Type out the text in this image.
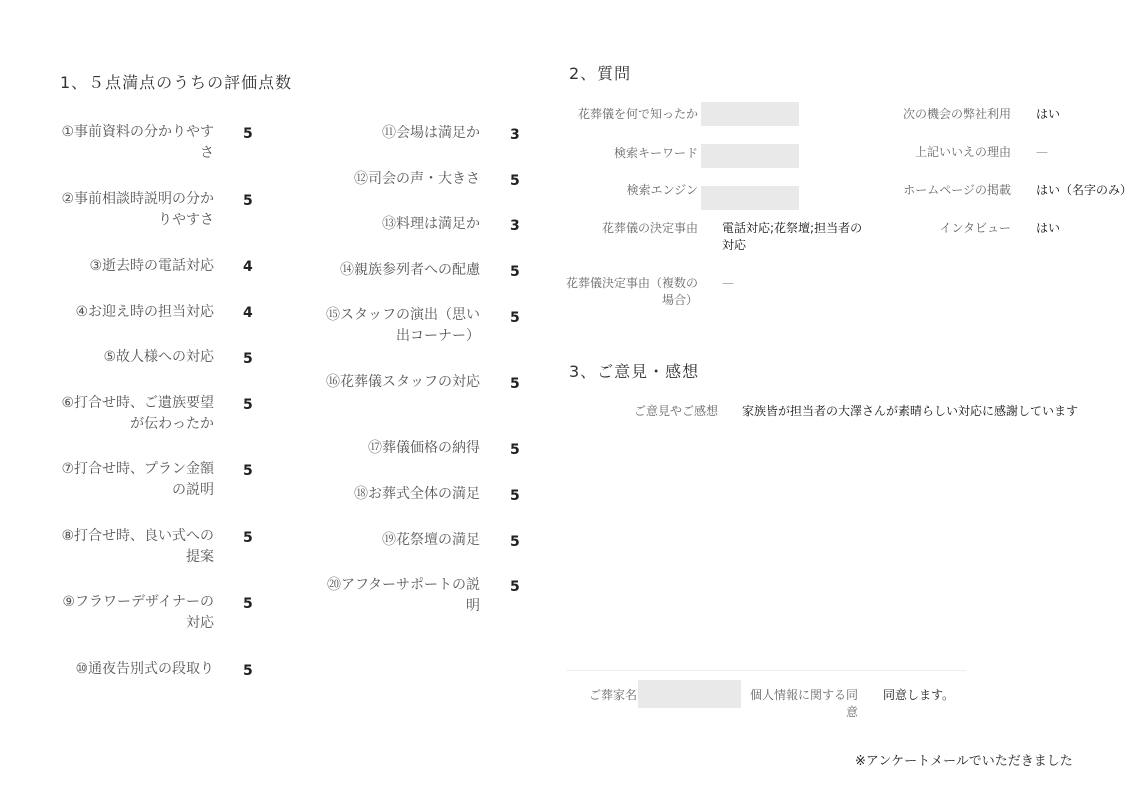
1、５点満点のうちの評価点数
①事前資料の分かりやすさ
5
②事前相談時説明の分かりやすさ
5
③逝去時の電話対応 4
④お迎え時の担当対応 4
⑤故人様への対応 5
⑥打合せ時、ご遺族要望が伝わったか
5
⑦打合せ時、プラン金額の説明
5
⑧打合せ時、良い式への提案
5
⑨フラワーデザイナーの対応
5
⑩通夜告別式の段取り 5
⑪会場は満足か 3
⑫司会の声・大きさ 5
⑬料理は満足か 3
⑭親族参列者への配慮 5
⑮スタッフの演出（思い出コーナー）
5
⑯花葬儀スタッフの対応 5
⑰葬儀価格の納得 5
⑱お葬式全体の満足 5
⑲花祭壇の満足 5
⑳アフターサポートの説明
5
2、質問
花葬儀を何で知ったか
検索キーワード
検索エンジン
花葬儀の決定事由 電話対応;花祭壇;担当者の対応
花葬儀決定事由（複数の場合）
—
次の機会の弊社利用 はい
上記いいえの理由 —
ホームページの掲載 はい（名字のみ）
インタビュー はい
3、ご意見・感想
ご意見やご感想 家族皆が担当者の大澤さんが素晴らしい対応に感謝しています
ご葬家名	個人情報に関する同意
同意します。
※アンケートメールでいただきました
